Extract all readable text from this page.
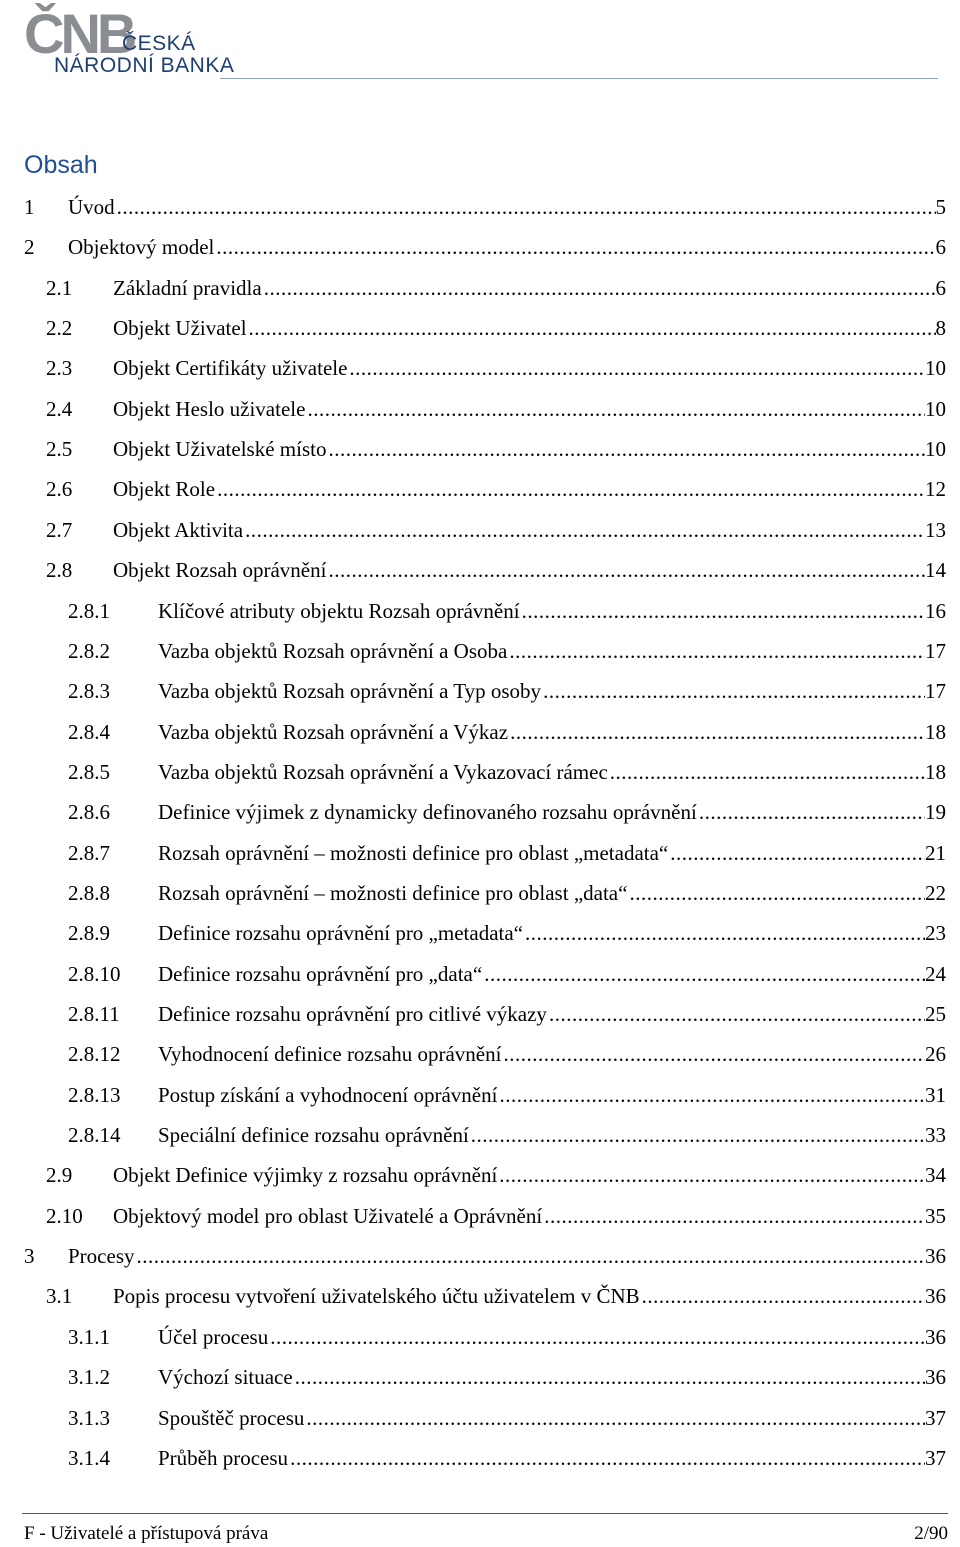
ČNB
ČESKÁ
NÁRODNÍ BANKA
Obsah
1 Úvod .....	5
2 Objektový model .....	6
2.1 Základní pravidla .....	6
2.2 Objekt Uživatel .....	8
2.3 Objekt Certifikáty uživatele .....	10
2.4 Objekt Heslo uživatele .....	10
2.5 Objekt Uživatelské místo .....	10
2.6 Objekt Role .....	12
2.7 Objekt Aktivita .....	13
2.8 Objekt Rozsah oprávnění .....	14
2.8.1 Klíčové atributy objektu Rozsah oprávnění .....	16
2.8.2 Vazba objektů Rozsah oprávnění a Osoba .....	17
2.8.3 Vazba objektů Rozsah oprávnění a Typ osoby .....	17
2.8.4 Vazba objektů Rozsah oprávnění a Výkaz .....	18
2.8.5 Vazba objektů Rozsah oprávnění a Vykazovací rámec .....	18
2.8.6 Definice výjimek z dynamicky definovaného rozsahu oprávnění .....	19
2.8.7 Rozsah oprávnění – možnosti definice pro oblast „metadata“ .....	21
2.8.8 Rozsah oprávnění – možnosti definice pro oblast „data“ .....	22
2.8.9 Definice rozsahu oprávnění pro „metadata“ .....	23
2.8.10 Definice rozsahu oprávnění pro „data“ .....	24
2.8.11 Definice rozsahu oprávnění pro citlivé výkazy .....	25
2.8.12 Vyhodnocení definice rozsahu oprávnění .....	26
2.8.13 Postup získání a vyhodnocení oprávnění .....	31
2.8.14 Speciální definice rozsahu oprávnění .....	33
2.9 Objekt Definice výjimky z rozsahu oprávnění .....	34
2.10 Objektový model pro oblast Uživatelé a Oprávnění .....	35
3 Procesy .....	36
3.1 Popis procesu vytvoření uživatelského účtu uživatelem v ČNB .....	36
3.1.1 Účel procesu .....	36
3.1.2 Výchozí situace .....	36
3.1.3 Spouštěč procesu .....	37
3.1.4 Průběh procesu .....	37
F - Uživatelé a přístupová práva	2/90
